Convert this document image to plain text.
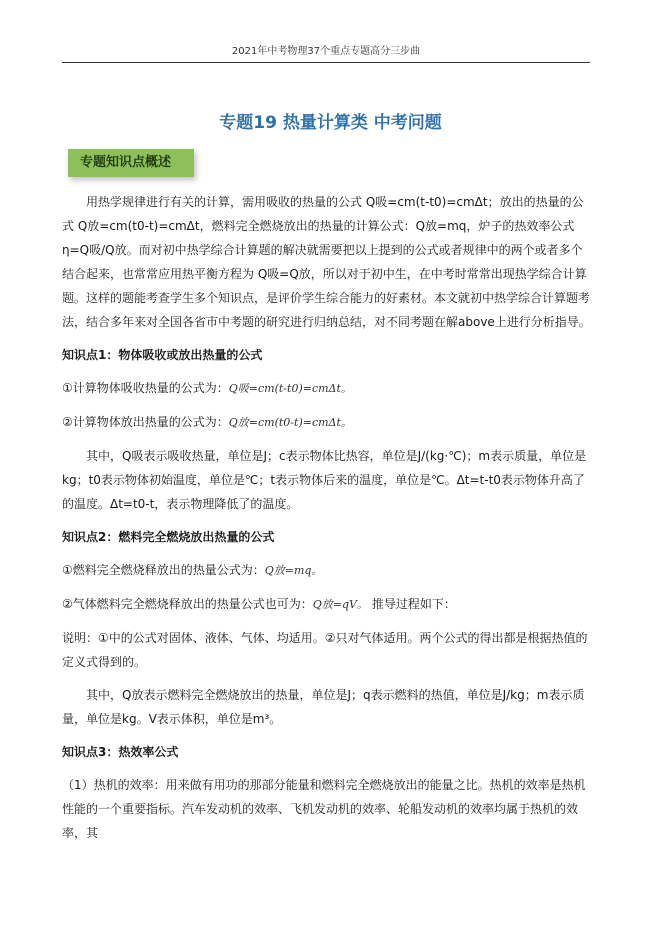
2021年中考物理37个重点专题高分三步曲
专题19 热量计算类 中考问题
专题知识点概述

用热学规律进行有关的计算，需用吸收的热量的公式 Q吸=cm(t-t0)=cmΔt；放出的热量的公式 Q放=cm(t0-t)=cmΔt，燃料完全燃烧放出的热量的计算公式：Q放=mq，炉子的热效率公式 η=Q吸/Q放。而对初中热学综合计算题的解决就需要把以上提到的公式或者规律中的两个或者多个结合起来，也常常应用热平衡方程为 Q吸=Q放，所以对于初中生，在中考时常常出现热学综合计算题。这样的题能考查学生多个知识点，是评价学生综合能力的好素材。本文就初中热学综合计算题考法，结合多年来对全国各省市中考题的研究进行归纳总结，对不同考题在解above上进行分析指导。

知识点1：物体吸收或放出热量的公式

①计算物体吸收热量的公式为：Q吸=cm(t-t0)=cmΔt。

②计算物体放出热量的公式为：Q放=cm(t0-t)=cmΔt。

其中，Q吸表示吸收热量，单位是J；c表示物体比热容，单位是J/(kg·℃)；m表示质量，单位是kg；t0表示物体初始温度，单位是℃；t表示物体后来的温度，单位是℃。Δt=t-t0表示物体升高了的温度。Δt=t0-t，表示物理降低了的温度。

知识点2：燃料完全燃烧放出热量的公式

①燃料完全燃烧释放出的热量公式为：Q放=mq。

②气体燃料完全燃烧释放出的热量公式也可为：Q放=qV。 推导过程如下：

说明：①中的公式对固体、液体、气体、均适用。②只对气体适用。两个公式的得出都是根据热值的定义式得到的。

其中，Q放表示燃料完全燃烧放出的热量，单位是J；q表示燃料的热值，单位是J/kg；m表示质量，单位是kg。V表示体积，单位是m³。

知识点3：热效率公式

（1）热机的效率：用来做有用功的那部分能量和燃料完全燃烧放出的能量之比。热机的效率是热机性能的一个重要指标。汽车发动机的效率、飞机发动机的效率、轮船发动机的效率均属于热机的效率，其
